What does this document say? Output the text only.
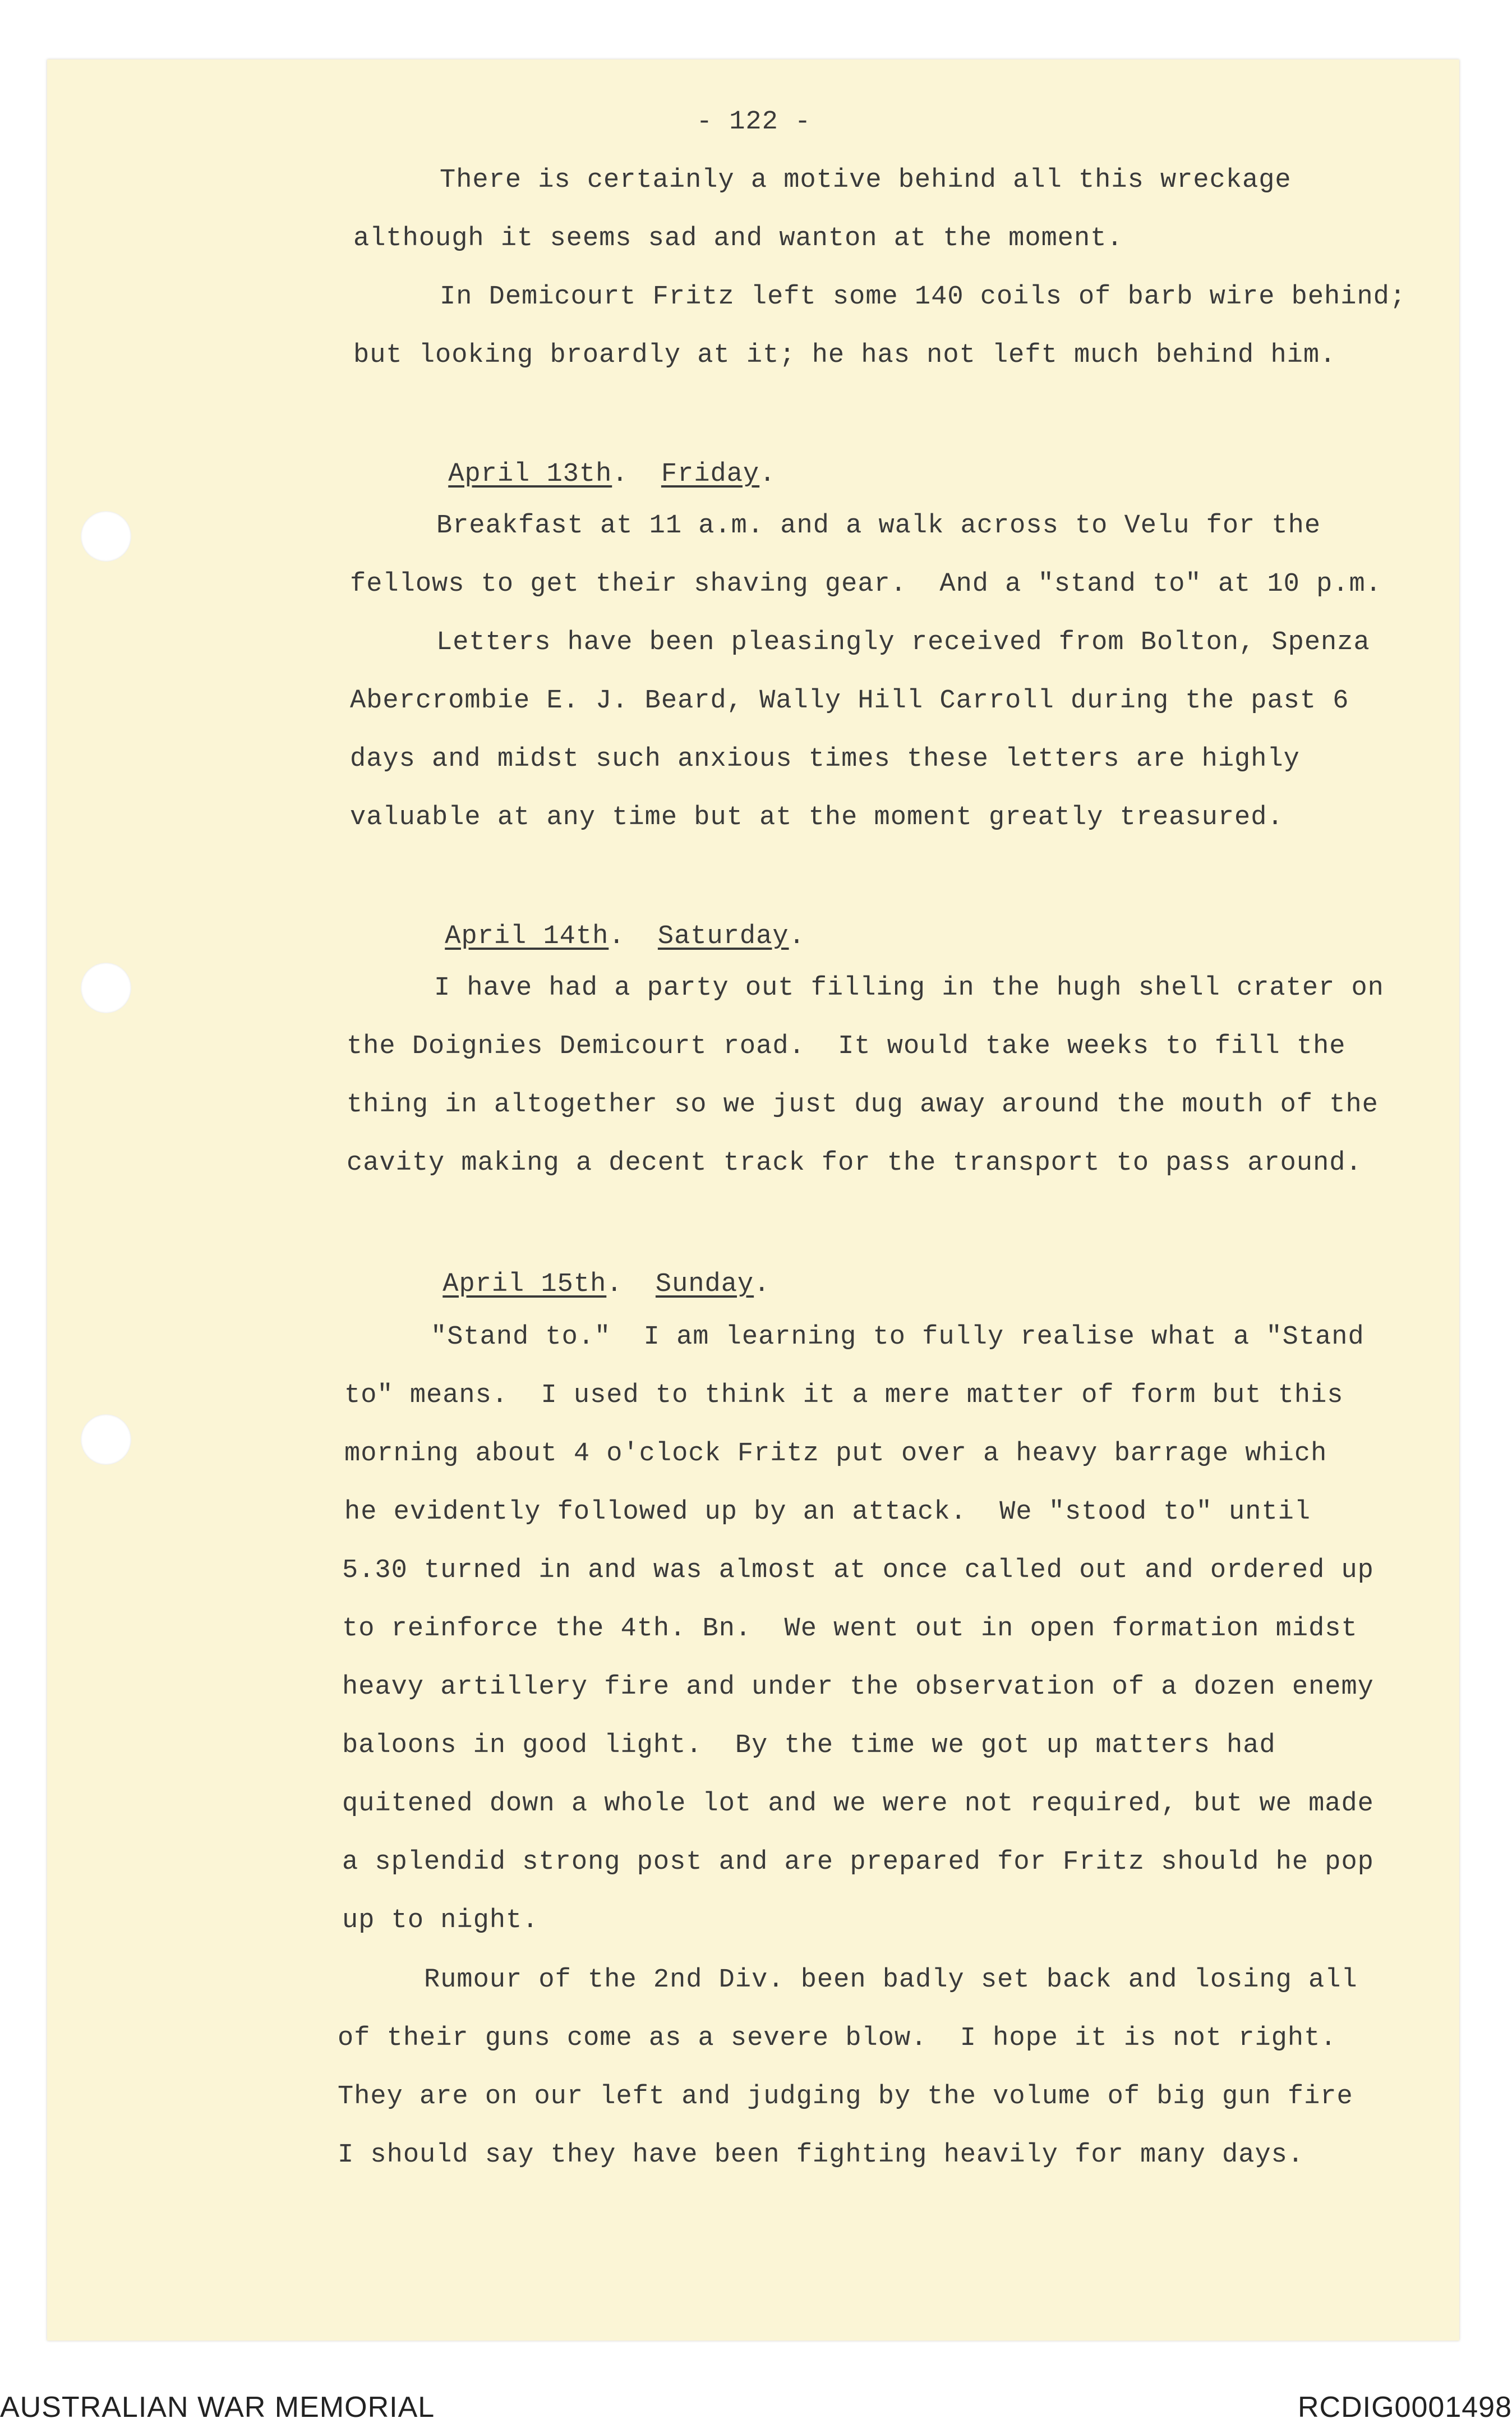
- 122 -
There is certainly a motive behind all this wreckage
although it seems sad and wanton at the moment.
In Demicourt Fritz left some 140 coils of barb wire behind;
but looking broardly at it; he has not left much behind him.

April 13th.  Friday.

Breakfast at 11 a.m. and a walk across to Velu for the
fellows to get their shaving gear.  And a "stand to" at 10 p.m.
Letters have been pleasingly received from Bolton, Spenza
Abercrombie E. J. Beard, Wally Hill Carroll during the past 6
days and midst such anxious times these letters are highly
valuable at any time but at the moment greatly treasured.

April 14th.  Saturday.

I have had a party out filling in the hugh shell crater on
the Doignies Demicourt road.  It would take weeks to fill the
thing in altogether so we just dug away around the mouth of the
cavity making a decent track for the transport to pass around.

April 15th.  Sunday.

"Stand to."  I am learning to fully realise what a "Stand
to" means.  I used to think it a mere matter of form but this
morning about 4 o'clock Fritz put over a heavy barrage which
he evidently followed up by an attack.  We "stood to" until
5.30 turned in and was almost at once called out and ordered up
to reinforce the 4th. Bn.  We went out in open formation midst
heavy artillery fire and under the observation of a dozen enemy
baloons in good light.  By the time we got up matters had
quitened down a whole lot and we were not required, but we made
a splendid strong post and are prepared for Fritz should he pop
up to night.
Rumour of the 2nd Div. been badly set back and losing all
of their guns come as a severe blow.  I hope it is not right.
They are on our left and judging by the volume of big gun fire
I should say they have been fighting heavily for many days.
AUSTRALIAN WAR MEMORIAL	RCDIG0001498
